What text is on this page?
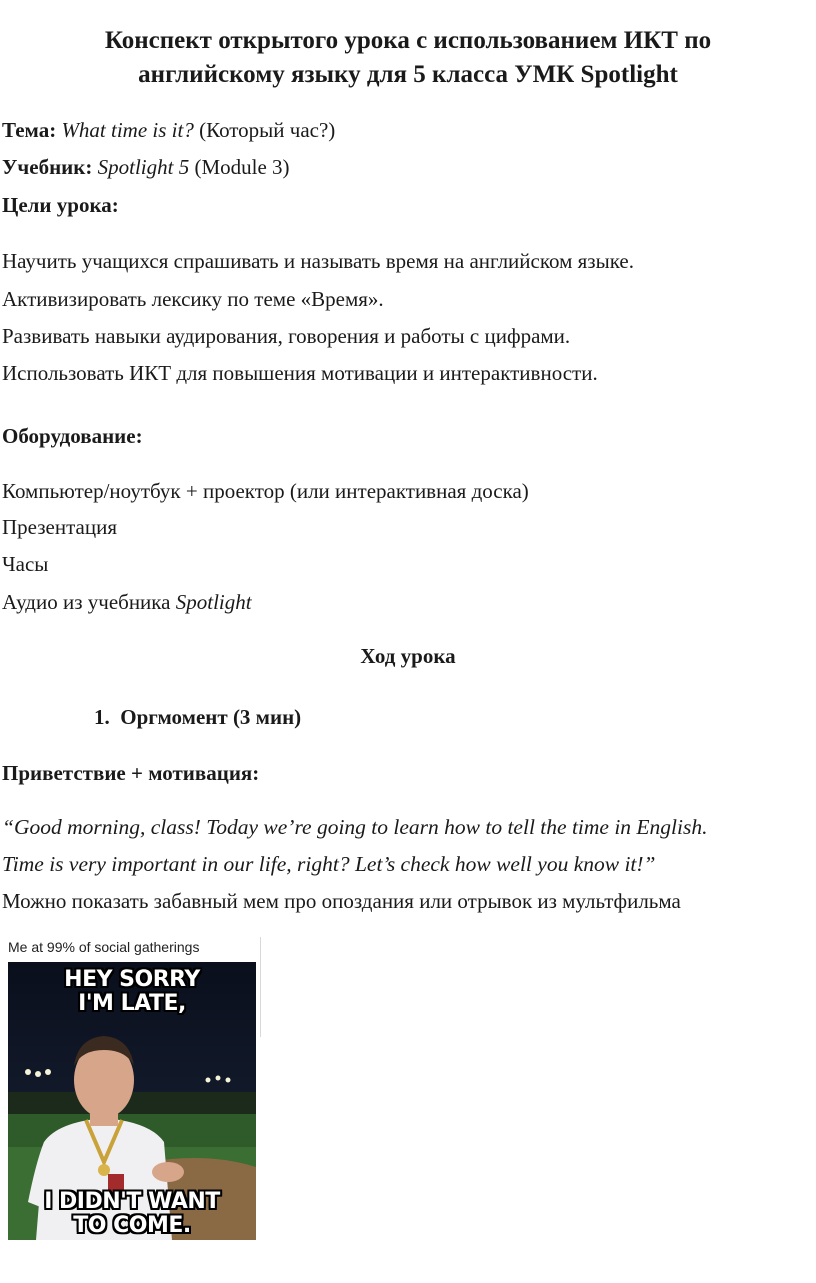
Конспект открытого урока с использованием ИКТ по
английскому языку для 5 класса УМК Spotlight
Тема: What time is it? (Который час?)
Учебник: Spotlight 5 (Module 3)
Цели урока:
Научить учащихся спрашивать и называть время на английском языке.
Активизировать лексику по теме «Время».
Развивать навыки аудирования, говорения и работы с цифрами.
Использовать ИКТ для повышения мотивации и интерактивности.
Оборудование:
Компьютер/ноутбук + проектор (или интерактивная доска)
Презентация
Часы
Аудио из учебника Spotlight
Ход урока
1. Оргмомент (3 мин)
Приветствие + мотивация:
“Good morning, class! Today we’re going to learn how to tell the time in English.
Time is very important in our life, right? Let’s check how well you know it!”
Можно показать забавный мем про опоздания или отрывок из мультфильма
Me at 99% of social gatherings
HEY SORRY
I'M LATE,
I DIDN'T WANT
TO COME.
